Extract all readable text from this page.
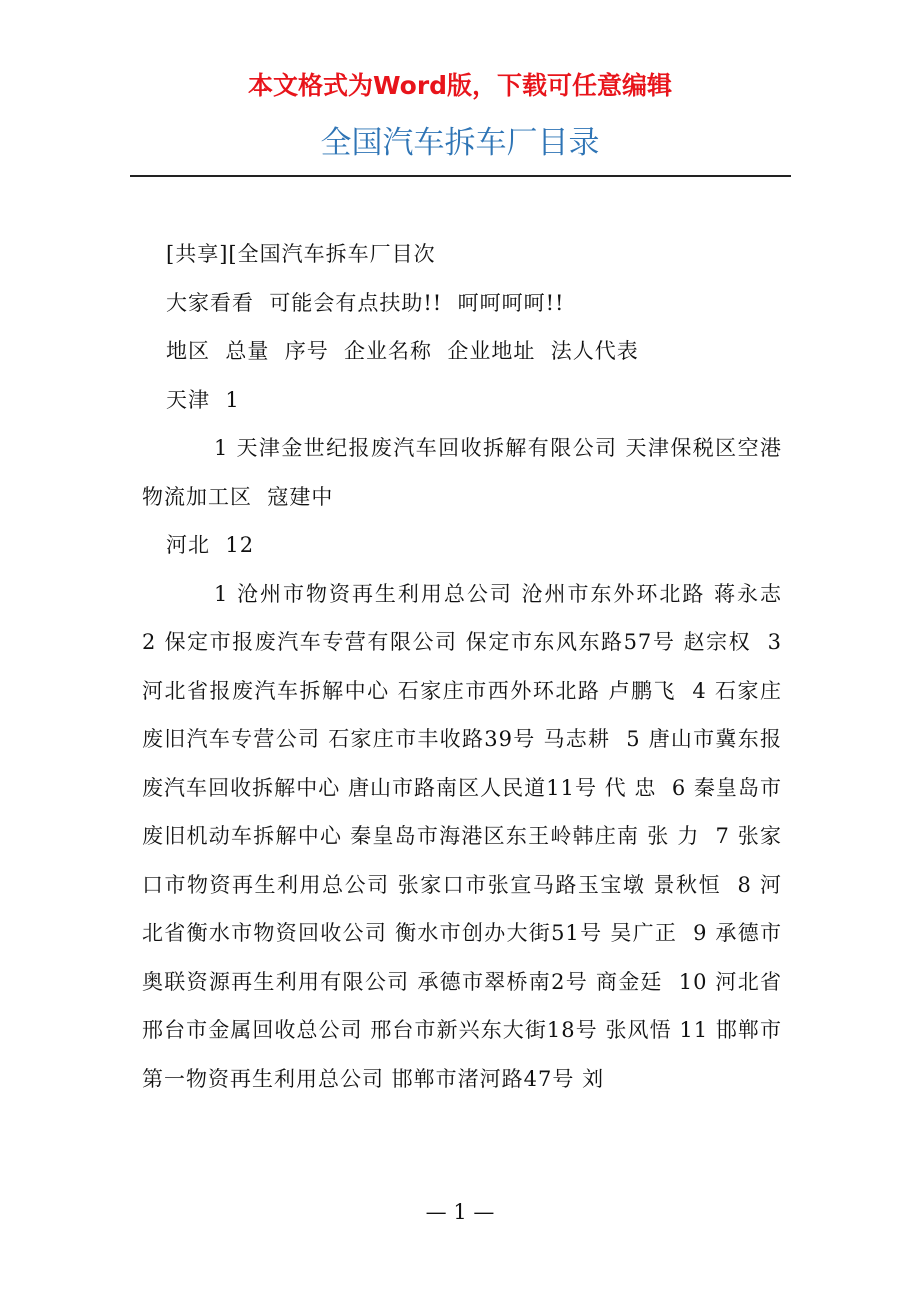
本文格式为Word版，下载可任意编辑
全国汽车拆车厂目录

[共享][全国汽车拆车厂目次

大家看看  可能会有点扶助!!  呵呵呵呵!!

地区  总量  序号  企业名称  企业地址  法人代表

天津  1

1 天津金世纪报废汽车回收拆解有限公司 天津保税区空港物流加工区  寇建中

河北  12

1 沧州市物资再生利用总公司 沧州市东外环北路 蒋永志  2 保定市报废汽车专营有限公司 保定市东风东路57号 赵宗权  3 河北省报废汽车拆解中心 石家庄市西外环北路 卢鹏飞  4 石家庄废旧汽车专营公司 石家庄市丰收路39号 马志耕  5 唐山市冀东报废汽车回收拆解中心 唐山市路南区人民道11号 代 忠  6 秦皇岛市废旧机动车拆解中心 秦皇岛市海港区东王岭韩庄南 张 力  7 张家口市物资再生利用总公司 张家口市张宣马路玉宝墩 景秋恒  8 河北省衡水市物资回收公司 衡水市创办大街51号 吴广正  9 承德市奥联资源再生利用有限公司 承德市翠桥南2号 商金廷  10 河北省邢台市金属回收总公司 邢台市新兴东大街18号 张风悟 11 邯郸市第一物资再生利用总公司 邯郸市渚河路47号 刘

— 1 —
